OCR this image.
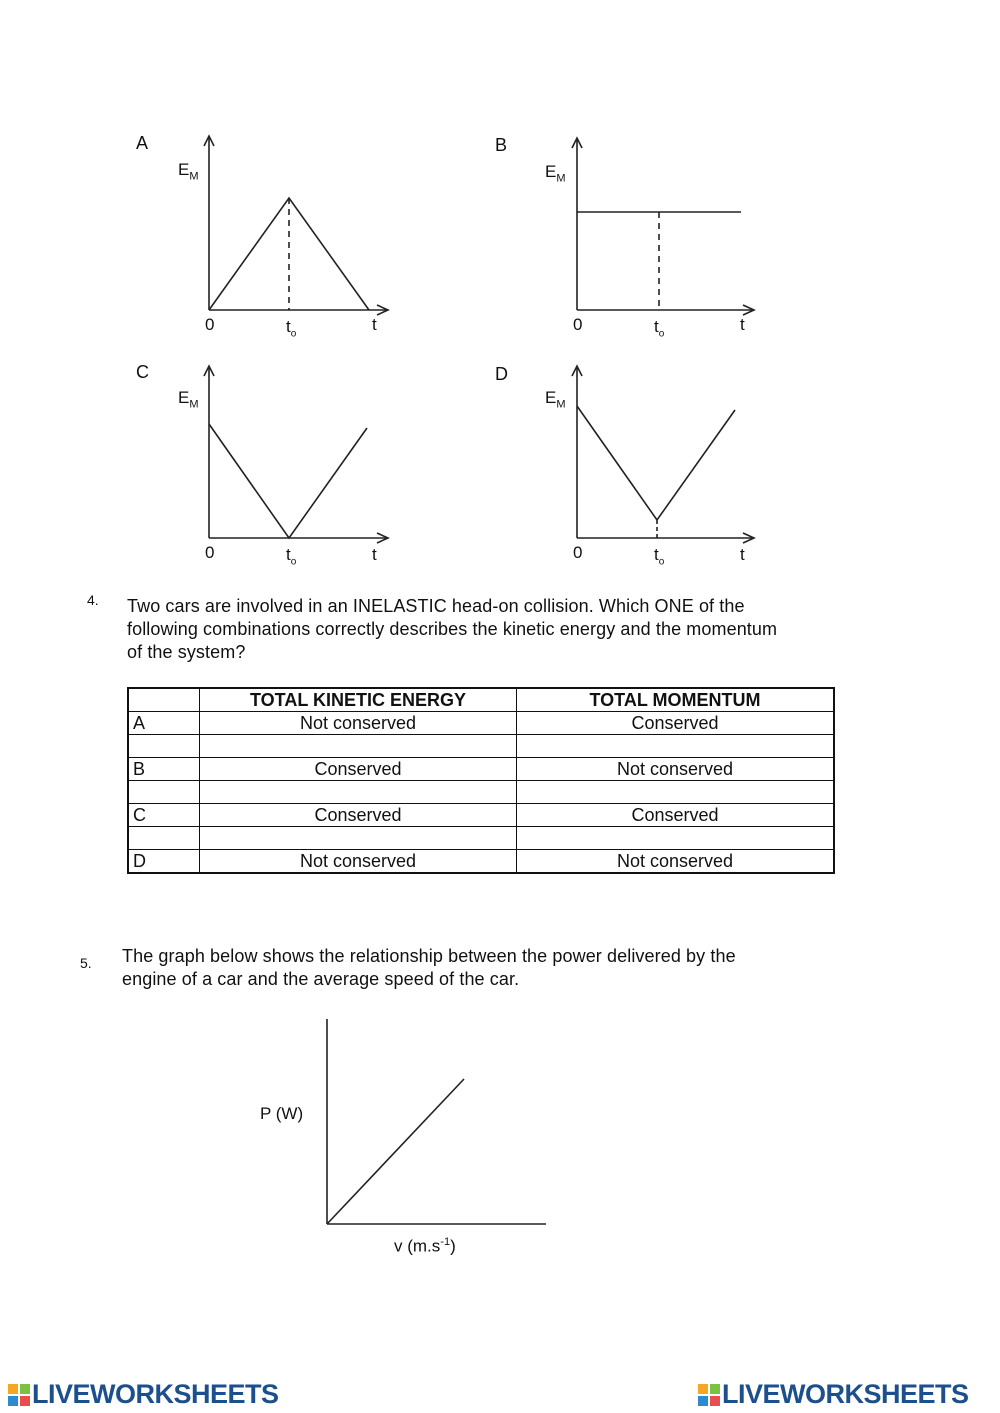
A
$E_M$
0	$t_o$	t
B
$E_M$
0	$t_o$	t
C
$E_M$
0	$t_o$	t
D
$E_M$
0	$t_o$	t
4. Two cars are involved in an INELASTIC head-on collision. Which ONE of the
following combinations correctly describes the kinetic energy and the momentum
of the system?
	TOTAL KINETIC ENERGY	TOTAL MOMENTUM
A	Not conserved	Conserved

B	Conserved	Not conserved

C	Conserved	Conserved

D	Not conserved	Not conserved
5. The graph below shows the relationship between the power delivered by the
engine of a car and the average speed of the car.
P (W)
v $(m.s^{-1})$
LIVEWORKSHEETS	LIVEWORKSHEETS
